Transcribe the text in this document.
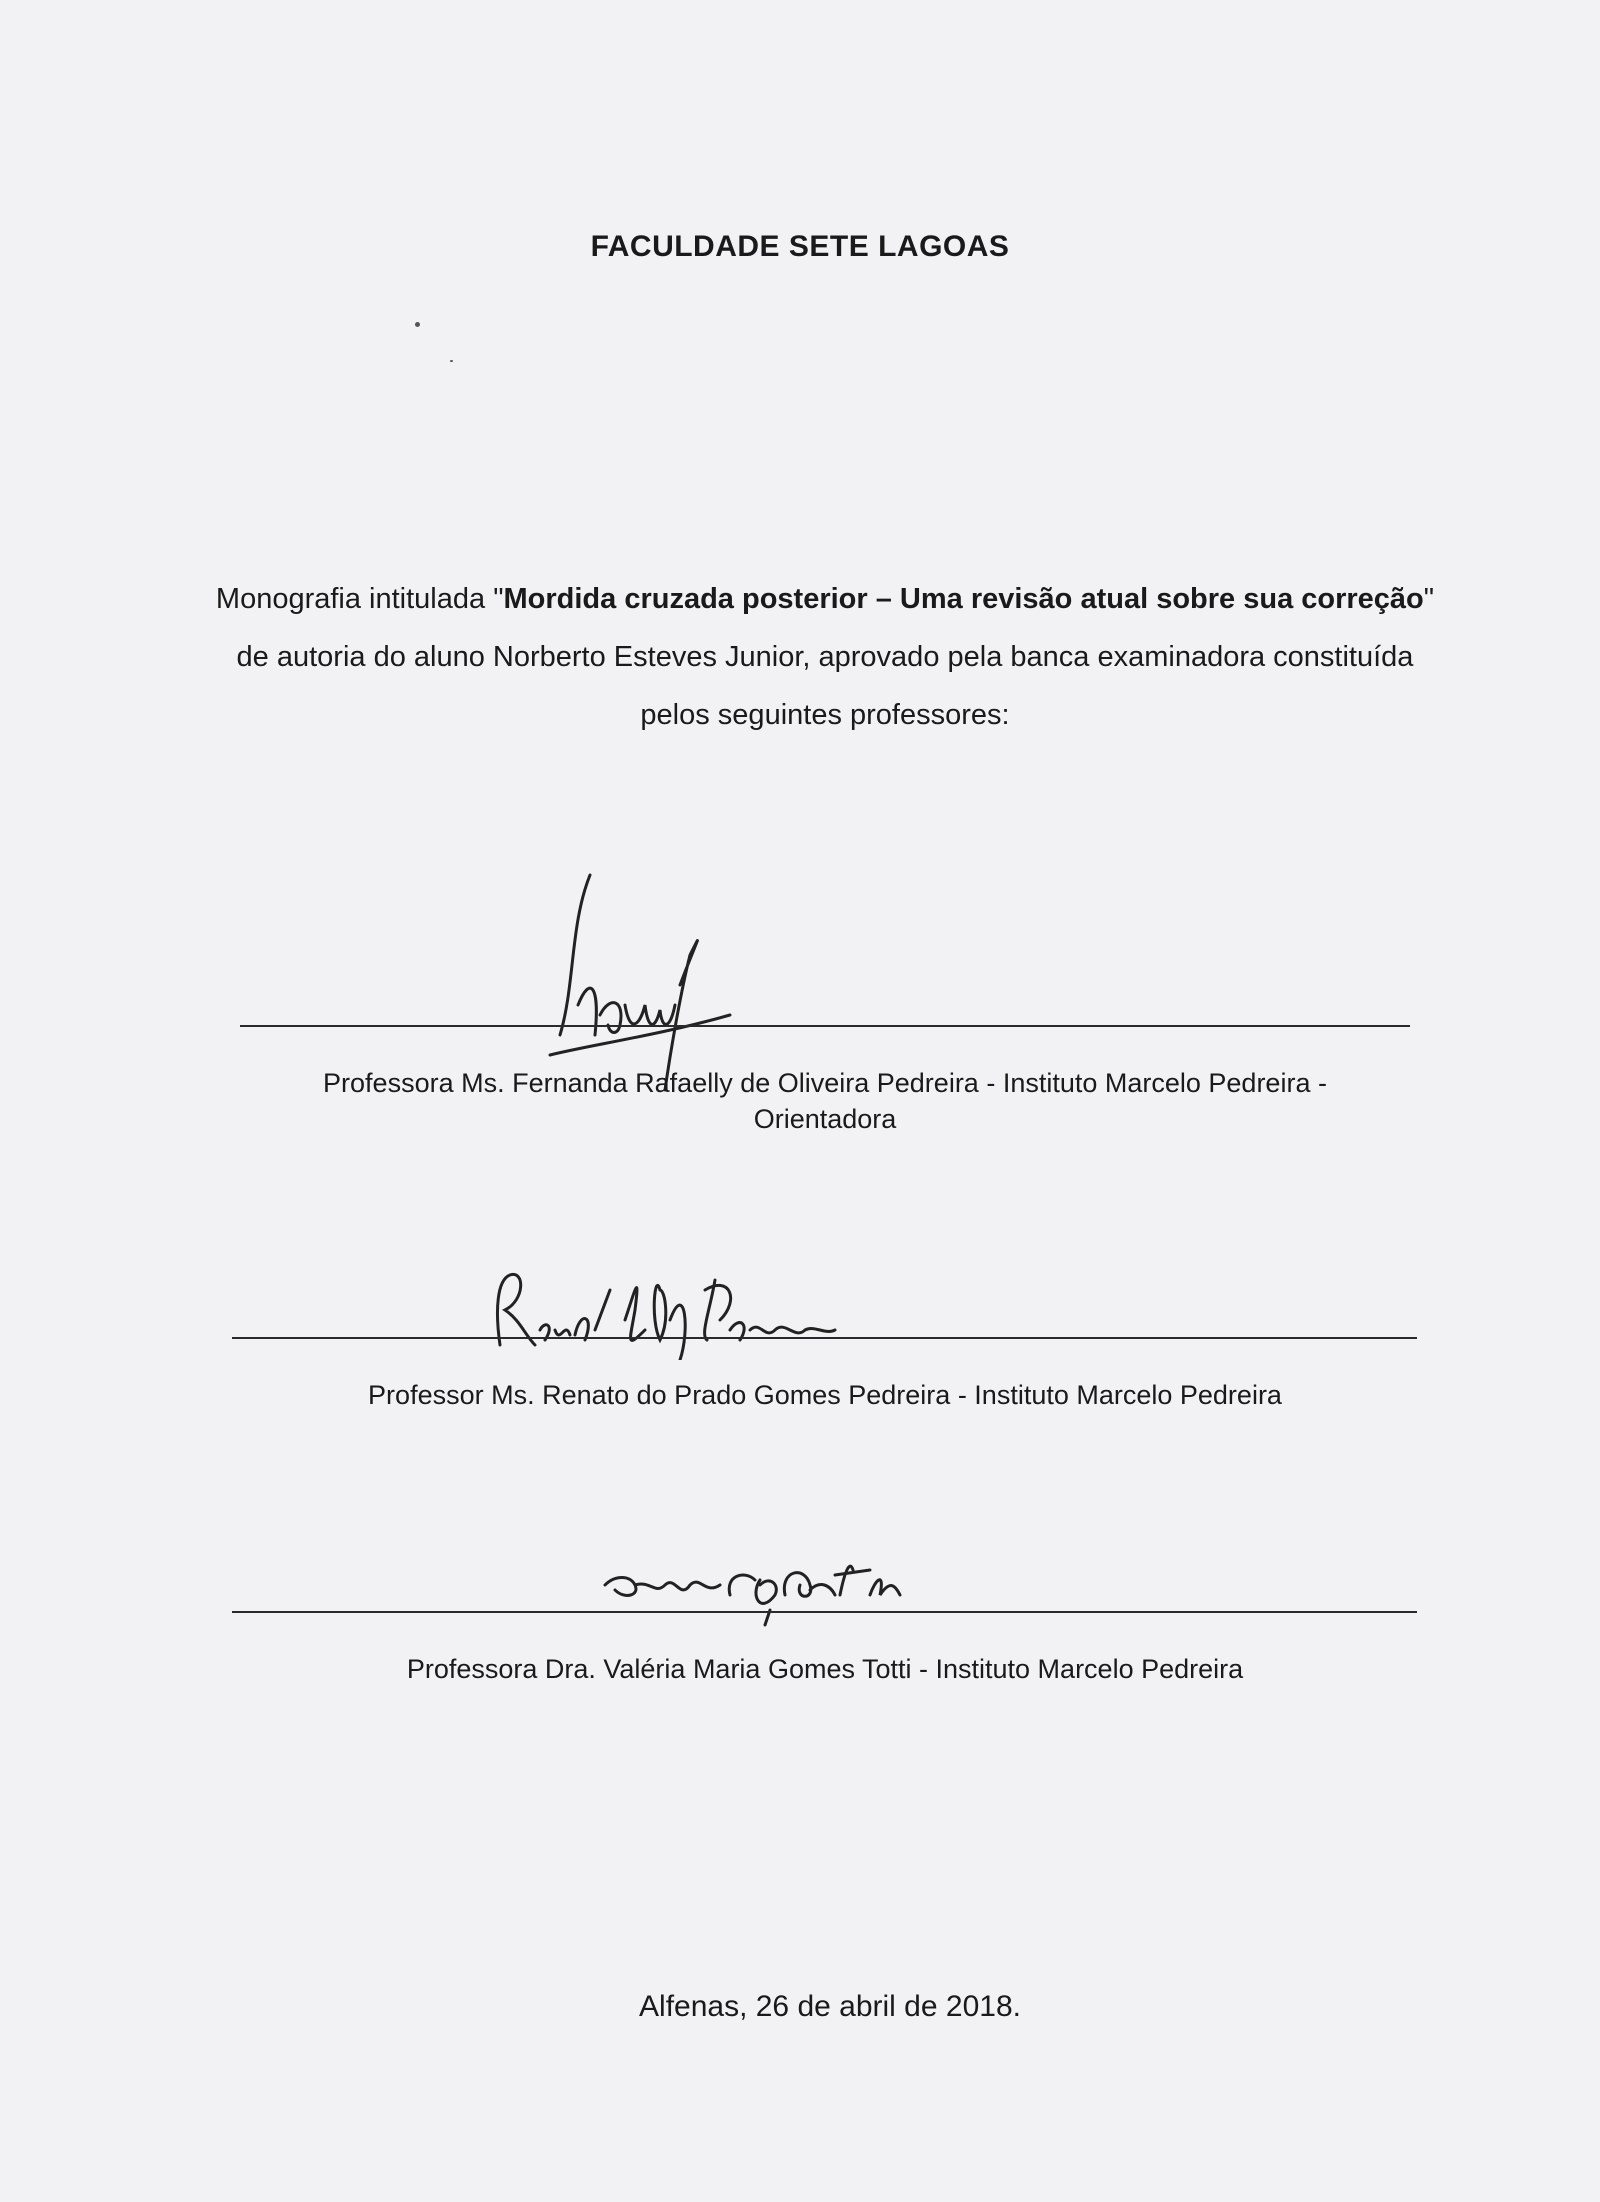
FACULDADE SETE LAGOAS
Monografia intitulada "Mordida cruzada posterior – Uma revisão atual sobre sua correção" de autoria do aluno Norberto Esteves Junior, aprovado pela banca examinadora constituída pelos seguintes professores:
Professora Ms. Fernanda Rafaelly de Oliveira Pedreira - Instituto Marcelo Pedreira -
Orientadora
Professor Ms. Renato do Prado Gomes Pedreira - Instituto Marcelo Pedreira
Professora Dra. Valéria Maria Gomes Totti - Instituto Marcelo Pedreira
Alfenas, 26 de abril de 2018.
